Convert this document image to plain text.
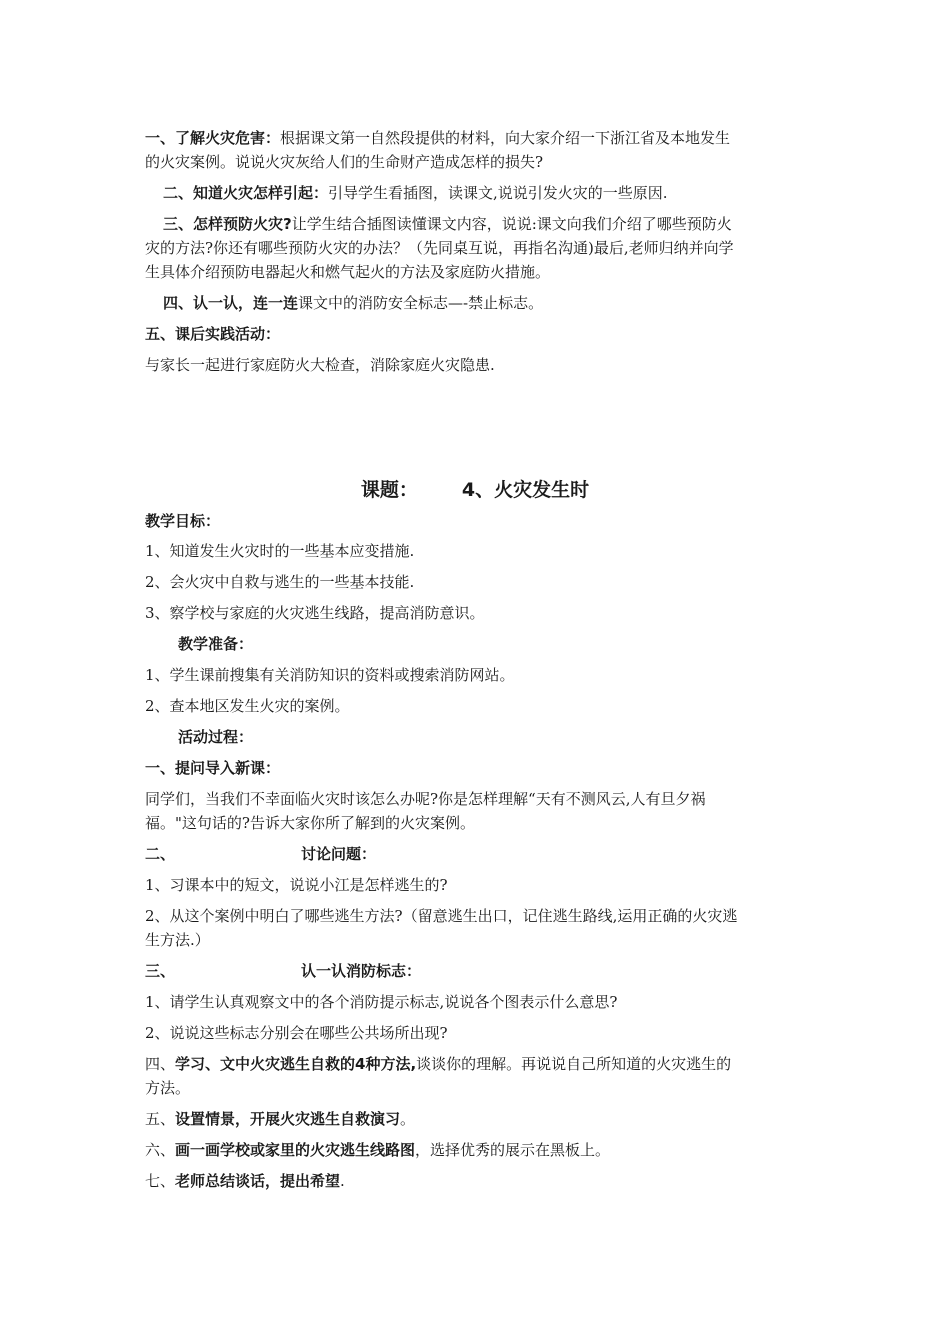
一、了解火灾危害：根据课文第一自然段提供的材料，向大家介绍一下浙江省及本地发生
的火灾案例。说说火灾灰给人们的生命财产造成怎样的损失?
二、知道火灾怎样引起：引导学生看插图，读课文,说说引发火灾的一些原因.
三、怎样预防火灾?让学生结合插图读懂课文内容，说说:课文向我们介绍了哪些预防火
灾的方法?你还有哪些预防火灾的办法？（先同桌互说，再指名沟通)最后,老师归纳并向学
生具体介绍预防电器起火和燃气起火的方法及家庭防火措施。
四、认一认，连一连课文中的消防安全标志—-禁止标志。
五、课后实践活动：
与家长一起进行家庭防火大检查，消除家庭火灾隐患.
课题： 4、火灾发生时
教学目标：
1、知道发生火灾时的一些基本应变措施.
2、会火灾中自救与逃生的一些基本技能.
3、察学校与家庭的火灾逃生线路，提高消防意识。
教学准备：
1、学生课前搜集有关消防知识的资料或搜索消防网站。
2、查本地区发生火灾的案例。
活动过程：
一、提问导入新课：
同学们，当我们不幸面临火灾时该怎么办呢?你是怎样理解“天有不测风云,人有旦夕祸
福。"这句话的?告诉大家你所了解到的火灾案例。
二、	讨论问题：
1、习课本中的短文，说说小江是怎样逃生的?
2、从这个案例中明白了哪些逃生方法?（留意逃生出口，记住逃生路线,运用正确的火灾逃
生方法.）
三、	认一认消防标志：
1、请学生认真观察文中的各个消防提示标志,说说各个图表示什么意思?
2、说说这些标志分别会在哪些公共场所出现?
四、学习、文中火灾逃生自救的4种方法,谈谈你的理解。再说说自己所知道的火灾逃生的
方法。
五、设置情景，开展火灾逃生自救演习。
六、画一画学校或家里的火灾逃生线路图，选择优秀的展示在黑板上。
七、老师总结谈话，提出希望.
